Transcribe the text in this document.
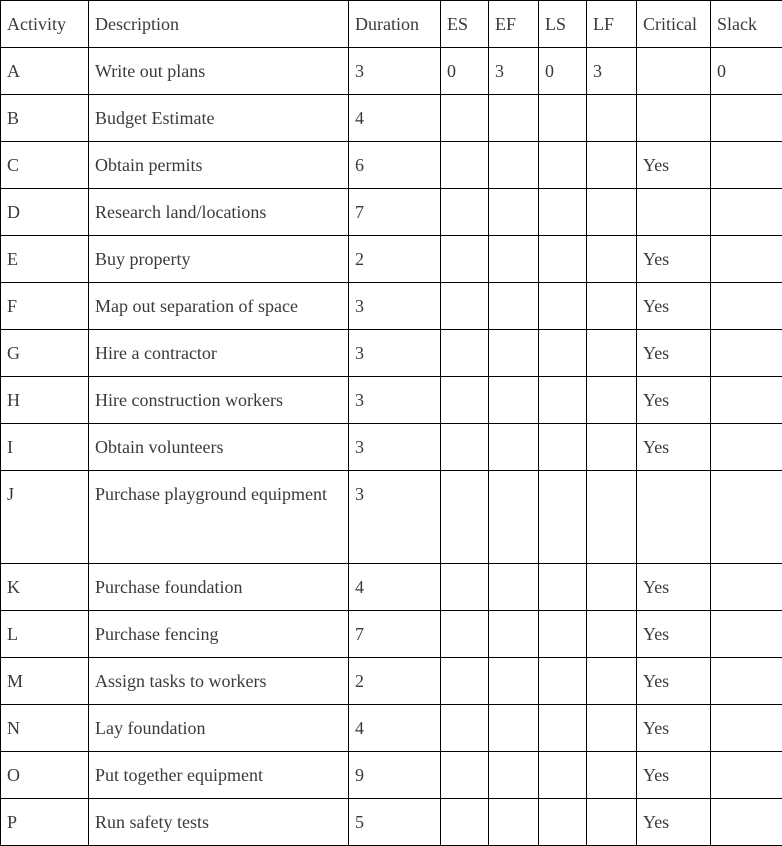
Activity	Description	Duration	ES	EF	LS	LF	Critical	Slack
A	Write out plans	3	0	3	0	3		0
B	Budget Estimate	4						
C	Obtain permits	6					Yes	
D	Research land/locations	7						
E	Buy property	2					Yes	
F	Map out separation of space	3					Yes	
G	Hire a contractor	3					Yes	
H	Hire construction workers	3					Yes	
I	Obtain volunteers	3					Yes	
J	Purchase playground equipment	3						
K	Purchase foundation	4					Yes	
L	Purchase fencing	7					Yes	
M	Assign tasks to workers	2					Yes	
N	Lay foundation	4					Yes	
O	Put together equipment	9					Yes	
P	Run safety tests	5					Yes	
